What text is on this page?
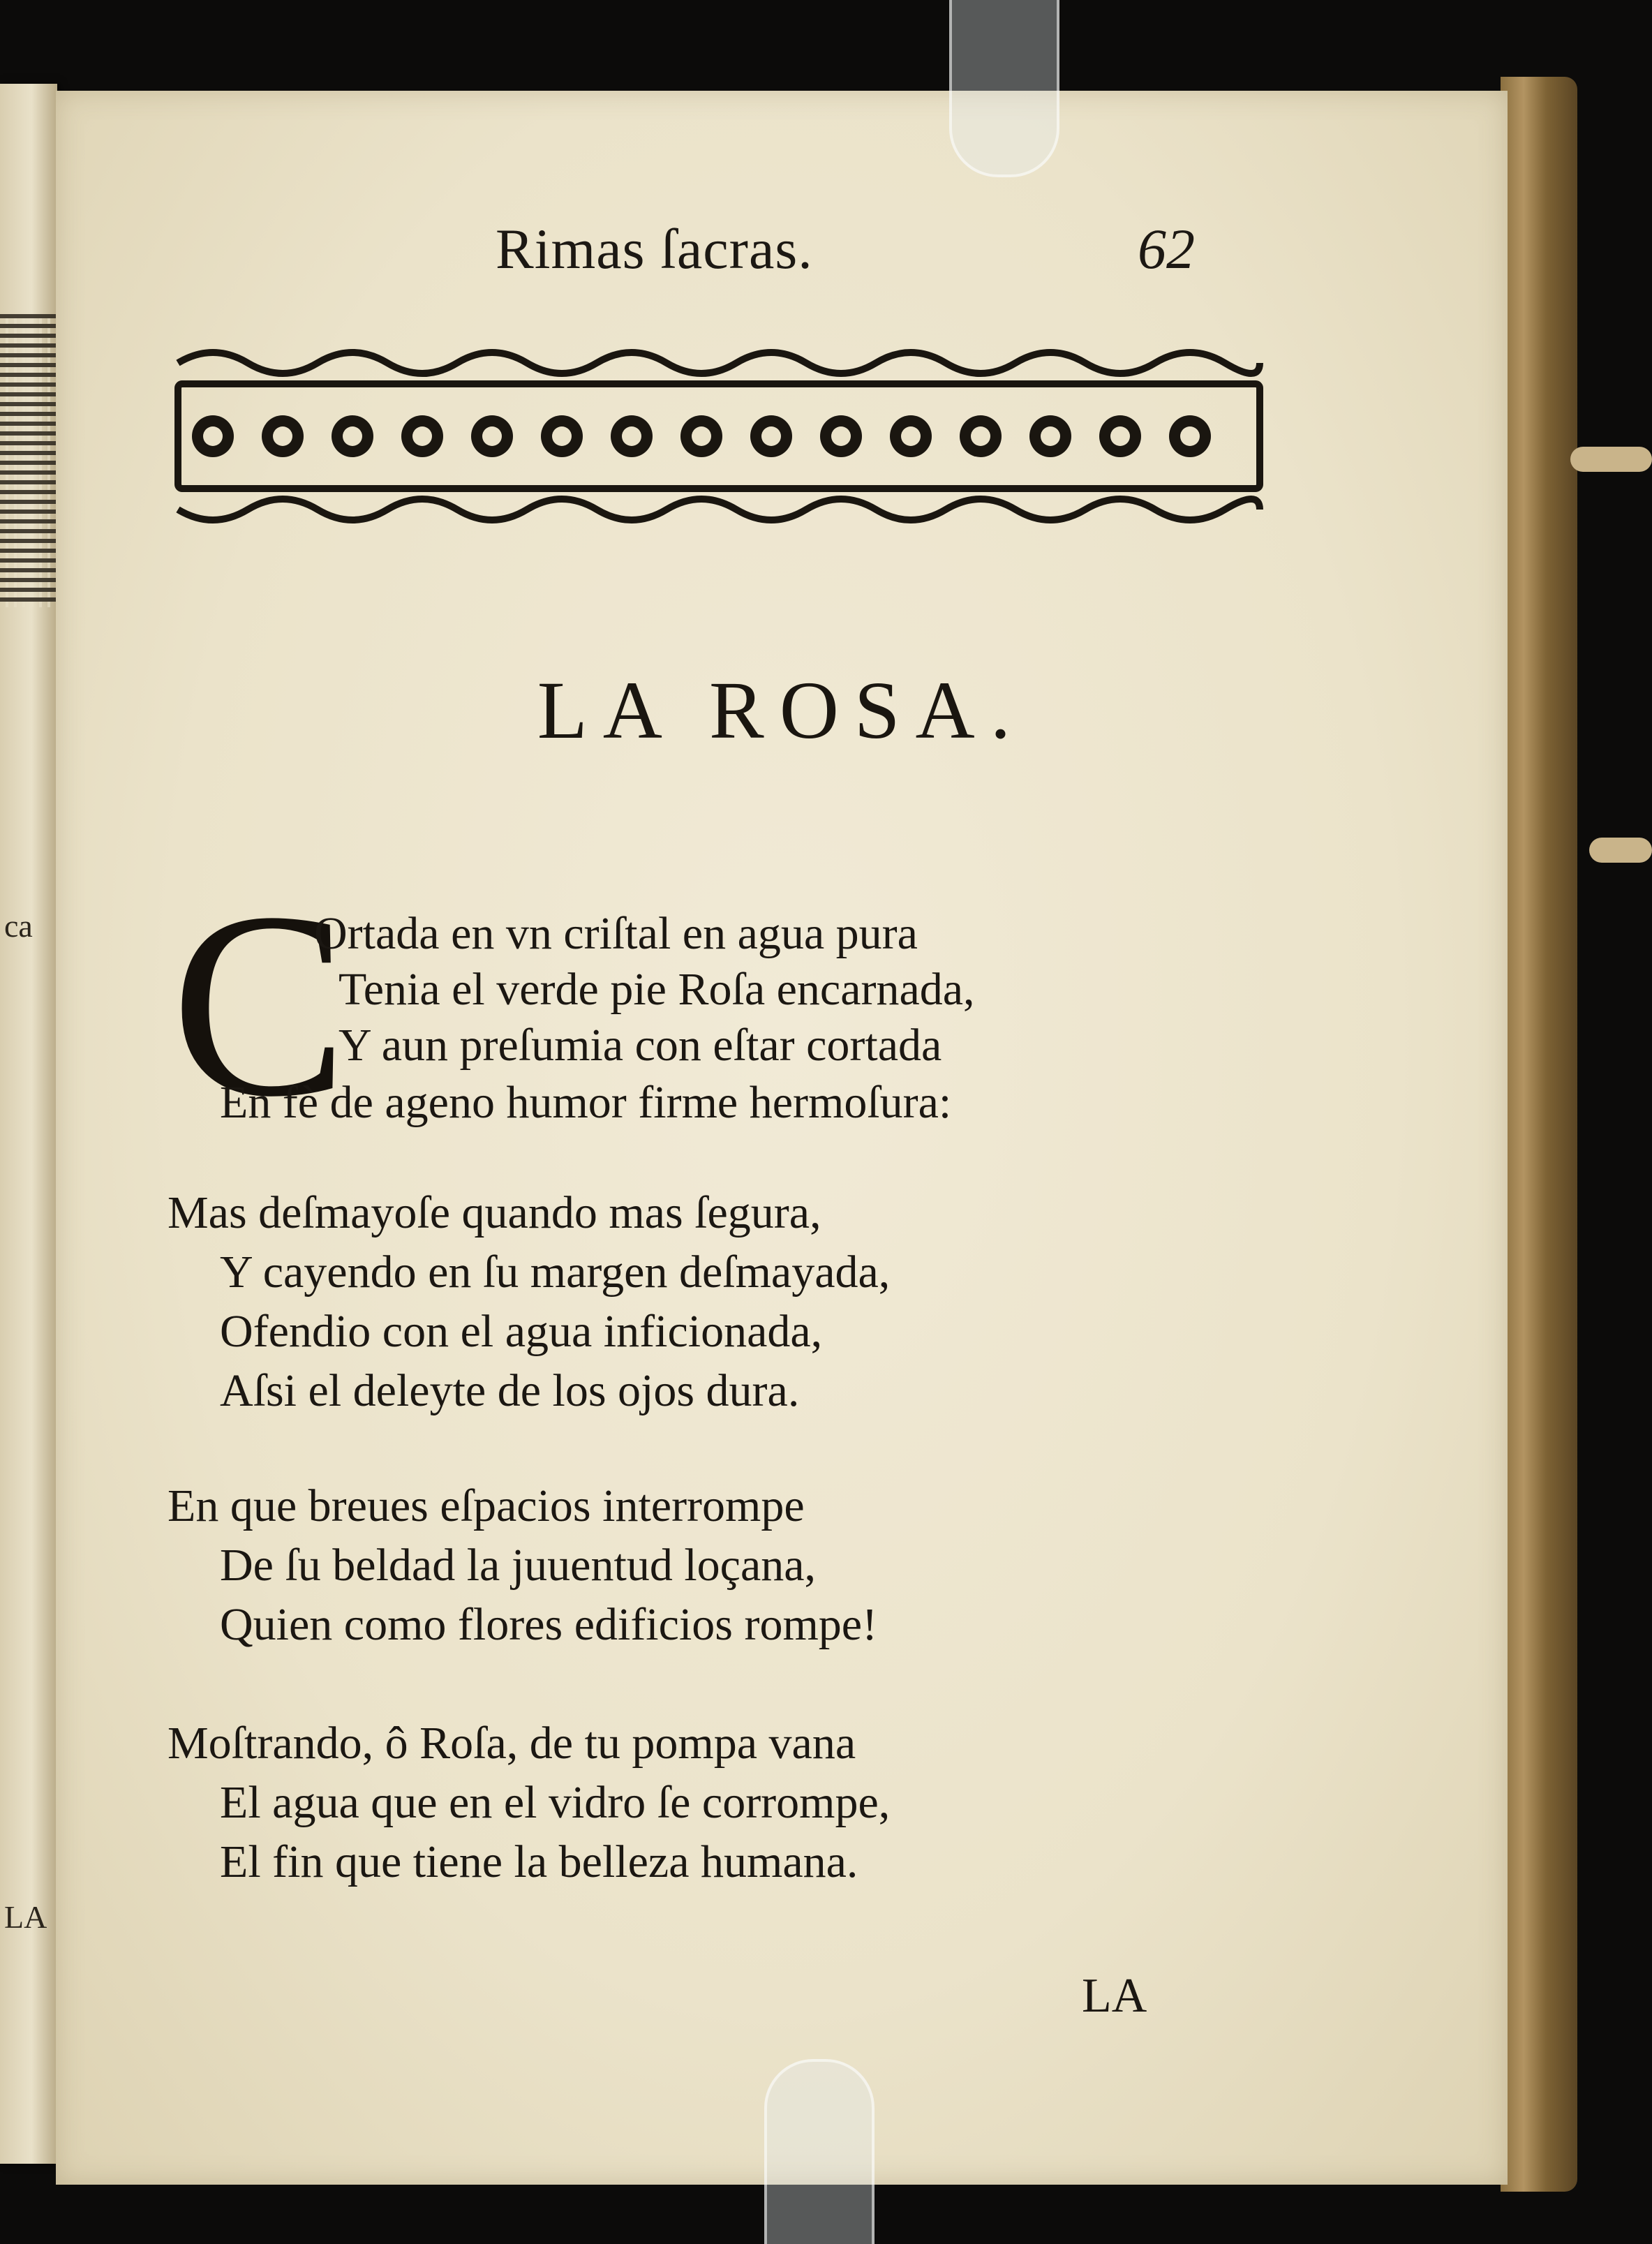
ca
LA
Rimas ſacras.	62
LA ROSA.
C
Ortada en vn criſtal en agua pura
Tenia el verde pie Roſa encarnada,
Y aun preſumia con eſtar cortada
En fè de ageno humor firme hermoſura:
Mas deſmayoſe quando mas ſegura,
Y cayendo en ſu margen deſmayada,
Ofendio con el agua inficionada,
Aſsi el deleyte de los ojos dura.
En que breues eſpacios interrompe
De ſu beldad la juuentud loçana,
Quien como flores edificios rompe!
Moſtrando, ô Roſa, de tu pompa vana
El agua que en el vidro ſe corrompe,
El fin que tiene la belleza humana.
LA
